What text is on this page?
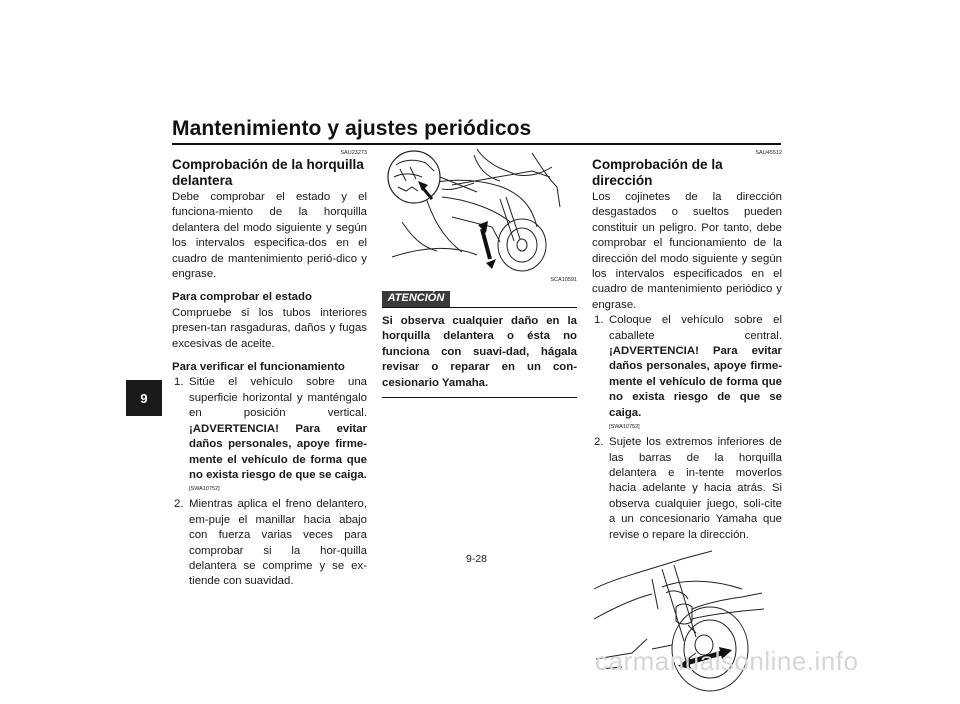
Mantenimiento y ajustes periódicos
9
SAU23273
Comprobación de la horquilla delantera

Debe comprobar el estado y el funciona-miento de la horquilla delantera del modo siguiente y según los intervalos especifica-dos en el cuadro de mantenimiento perió-dico y engrase.

Para comprobar el estado

Compruebe si los tubos interiores presen-tan rasgaduras, daños y fugas excesivas de aceite.

Para verificar el funcionamiento

1. Sitúe el vehículo sobre una superficie horizontal y manténgalo en posición vertical. ¡ADVERTENCIA! Para evitar daños personales, apoye firme-mente el vehículo de forma que no exista riesgo de que se caiga.
[SWA10752]
2. Mientras aplica el freno delantero, em-puje el manillar hacia abajo con fuerza varias veces para comprobar si la hor-quilla delantera se comprime y se ex-tiende con suavidad.
SCA10591
ATENCIÓN

Si observa cualquier daño en la horquilla delantera o ésta no funciona con suavi-dad, hágala revisar o reparar en un con-cesionario Yamaha.

SAU45512
Comprobación de la dirección

Los cojinetes de la dirección desgastados o sueltos pueden constituir un peligro. Por tanto, debe comprobar el funcionamiento de la dirección del modo siguiente y según los intervalos especificados en el cuadro de mantenimiento periódico y engrase.

1. Coloque el vehículo sobre el caballete central. ¡ADVERTENCIA! Para evitar daños personales, apoye firme-mente el vehículo de forma que no exista riesgo de que se caiga.
[SWA10752]
2. Sujete los extremos inferiores de las barras de la horquilla delantera e in-tente moverlos hacia adelante y hacia atrás. Si observa cualquier juego, soli-cite a un concesionario Yamaha que revise o repare la dirección.
9-28
carmanualsonline.info
